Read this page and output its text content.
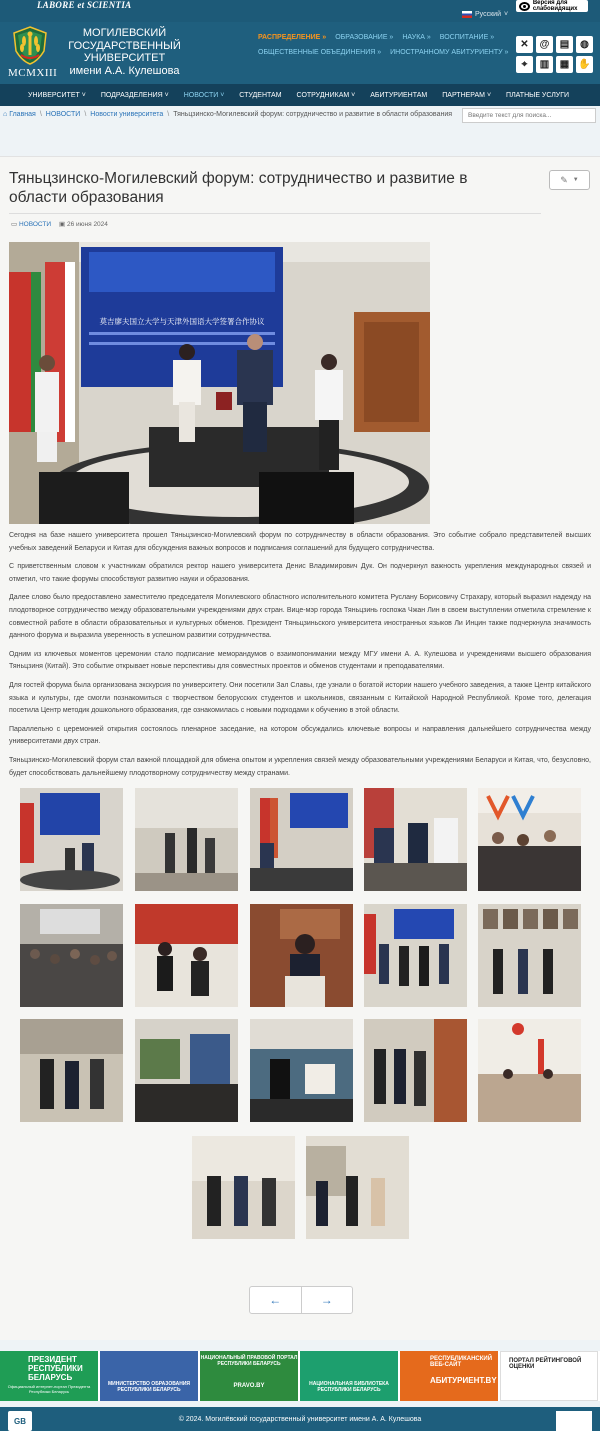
LABORE et SCIENTIA
Русский ˅
Версия для слабовидящих
MCMXIII
МОГИЛЕВСКИЙ
ГОСУДАРСТВЕННЫЙ
УНИВЕРСИТЕТ
имени А.А. Кулешова
РАСПРЕДЕЛЕНИЕ » ОБРАЗОВАНИЕ » НАУКА » ВОСПИТАНИЕ »
ОБЩЕСТВЕННЫЕ ОБЪЕДИНЕНИЯ » ИНОСТРАННОМУ АБИТУРИЕНТУ »
✕	@	▤	◍
⌖	▥	▦ ✋
УНИВЕРСИТЕТ ˅ ПОДРАЗДЕЛЕНИЯ ˅ НОВОСТИ ˅ СТУДЕНТАМ СОТРУДНИКАМ ˅ АБИТУРИЕНТАМ ПАРТНЕРАМ ˅ ПЛАТНЫЕ УСЛУГИ
⌂ Главная \ НОВОСТИ \ Новости университета \ Тяньцзинско-Могилевский форум: сотрудничество и развитие в области образования
Введите текст для поиска...
Тяньцзинско-Могилевский форум: сотрудничество и развитие в области образования
✎ ▼
▭ НОВОСТИ ▣ 26 июня 2024
莫吉廖夫国立大学与天津外国语大学签署合作协议

Сегодня на базе нашего университета прошел Тяньцзинско-Могилевский форум по сотрудничеству в области образования. Это событие собрало представителей высших учебных заведений Беларуси и Китая для обсуждения важных вопросов и подписания соглашений для будущего сотрудничества.

С приветственным словом к участникам обратился ректор нашего университета Денис Владимирович Дук. Он подчеркнул важность укрепления международных связей и отметил, что такие форумы способствуют развитию науки и образования.

Далее слово было предоставлено заместителю председателя Могилевского областного исполнительного комитета Руслану Борисовичу Страхару, который выразил надежду на плодотворное сотрудничество между образовательными учреждениями двух стран. Вице-мэр города Тяньцзинь госпожа Чжан Лин в своем выступлении отметила стремление к совместной работе в области образовательных и культурных обменов. Президент Тяньцзиньского университета иностранных языков Ли Инцин также подчеркнула значимость данного форума и выразила уверенность в успешном развитии сотрудничества.

Одним из ключевых моментов церемонии стало подписание меморандумов о взаимопонимании между МГУ имени А. А. Кулешова и учреждениями высшего образования Тяньцзиня (Китай). Это событие открывает новые перспективы для совместных проектов и обменов студентами и преподавателями.

Для гостей форума была организована экскурсия по университету. Они посетили Зал Славы, где узнали о богатой истории нашего учебного заведения, а также Центр китайского языка и культуры, где смогли познакомиться с творчеством белорусских студентов и школьников, связанным с Китайской Народной Республикой. Кроме того, делегация посетила Центр методик дошкольного образования, где ознакомилась с новыми подходами к обучению в этой области.

Параллельно с церемонией открытия состоялось пленарное заседание, на котором обсуждались ключевые вопросы и направления дальнейшего сотрудничества между университетами двух стран.

Тяньцзинско-Могилевский форум стал важной площадкой для обмена опытом и укрепления связей между образовательными учреждениями Беларуси и Китая, что, безусловно, будет способствовать дальнейшему плодотворному сотрудничеству между странами.

←	→
ПРЕЗИДЕНТ РЕСПУБЛИКИ БЕЛАРУСЬ
Официальный интернет-портал Президента Республики Беларусь
МИНИСТЕРСТВО ОБРАЗОВАНИЯ РЕСПУБЛИКИ БЕЛАРУСЬ
НАЦИОНАЛЬНЫЙ ПРАВОВОЙ ПОРТАЛ РЕСПУБЛИКИ БЕЛАРУСЬ
PRAVO.BY	НАЦИОНАЛЬНАЯ БИБЛИОТЕКА РЕСПУБЛИКИ БЕЛАРУСЬ
РЕСПУБЛИКАНСКИЙ ВЕБ-САЙТ
АБИТУРИЕНТ.BY
ПОРТАЛ РЕЙТИНГОВОЙ ОЦЕНКИ
GB	© 2024. Могилёвский государственный университет имени А. А. Кулешова
